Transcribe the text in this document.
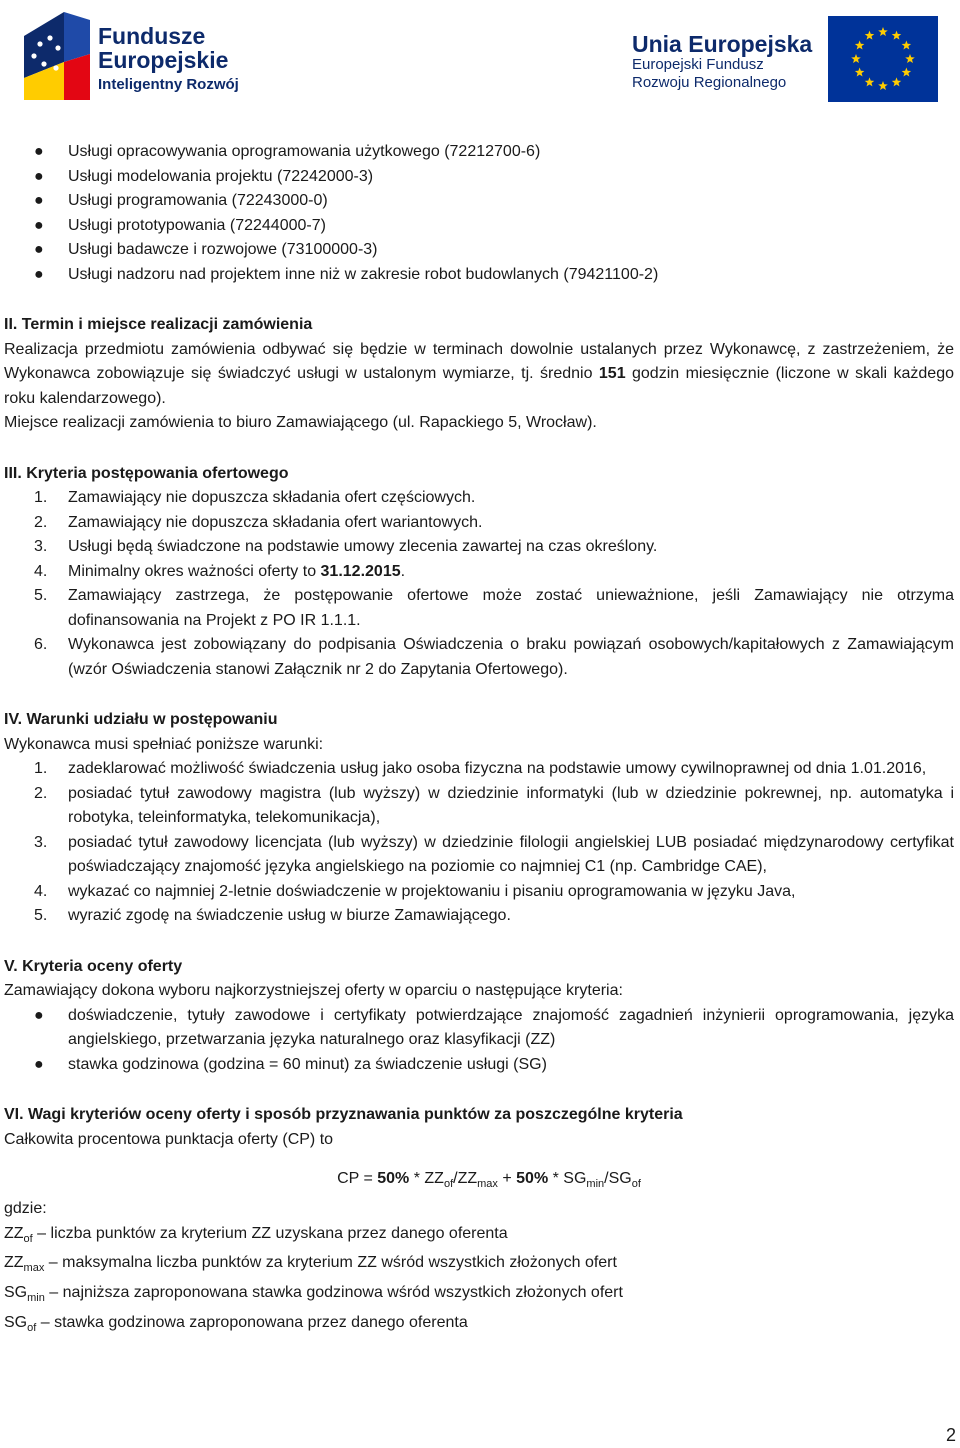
Fundusze
Europejskie
Inteligentny Rozwój
Unia Europejska
Europejski Fundusz
Rozwoju Regionalnego
● Usługi opracowywania oprogramowania użytkowego (72212700-6)
● Usługi modelowania projektu (72242000-3)
● Usługi programowania (72243000-0)
● Usługi prototypowania (72244000-7)
● Usługi badawcze i rozwojowe (73100000-3)
● Usługi nadzoru nad projektem inne niż w zakresie robot budowlanych (79421100-2)
II. Termin i miejsce realizacji zamówienia
Realizacja przedmiotu zamówienia odbywać się będzie w terminach dowolnie ustalanych przez Wykonawcę, z zastrzeżeniem, że Wykonawca zobowiązuje się świadczyć usługi w ustalonym wymiarze, tj. średnio 151 godzin miesięcznie (liczone w skali każdego roku kalendarzowego).
Miejsce realizacji zamówienia to biuro Zamawiającego (ul. Rapackiego 5, Wrocław).
III. Kryteria postępowania ofertowego
1. Zamawiający nie dopuszcza składania ofert częściowych.
2. Zamawiający nie dopuszcza składania ofert wariantowych.
3. Usługi będą świadczone na podstawie umowy zlecenia zawartej na czas określony.
4. Minimalny okres ważności oferty to 31.12.2015.
5. Zamawiający zastrzega, że postępowanie ofertowe może zostać unieważnione, jeśli Zamawiający nie otrzyma dofinansowania na Projekt z PO IR 1.1.1.
6. Wykonawca jest zobowiązany do podpisania Oświadczenia o braku powiązań osobowych/kapitałowych z Zamawiającym (wzór Oświadczenia stanowi Załącznik nr 2 do Zapytania Ofertowego).
IV. Warunki udziału w postępowaniu
Wykonawca musi spełniać poniższe warunki:
1. zadeklarować możliwość świadczenia usług jako osoba fizyczna na podstawie umowy cywilnoprawnej od dnia 1.01.2016,
2. posiadać tytuł zawodowy magistra (lub wyższy) w dziedzinie informatyki (lub w dziedzinie pokrewnej, np. automatyka i robotyka, teleinformatyka, telekomunikacja),
3. posiadać tytuł zawodowy licencjata (lub wyższy) w dziedzinie filologii angielskiej LUB posiadać międzynarodowy certyfikat poświadczający znajomość języka angielskiego na poziomie co najmniej C1 (np. Cambridge CAE),
4. wykazać co najmniej 2-letnie doświadczenie w projektowaniu i pisaniu oprogramowania w języku Java,
5. wyrazić zgodę na świadczenie usług w biurze Zamawiającego.
V. Kryteria oceny oferty
Zamawiający dokona wyboru najkorzystniejszej oferty w oparciu o następujące kryteria:
● doświadczenie, tytuły zawodowe i certyfikaty potwierdzające znajomość zagadnień inżynierii oprogramowania, języka angielskiego, przetwarzania języka naturalnego oraz klasyfikacji (ZZ)
● stawka godzinowa (godzina = 60 minut) za świadczenie usługi (SG)
VI. Wagi kryteriów oceny oferty i sposób przyznawania punktów za poszczególne kryteria
Całkowita procentowa punktacja oferty (CP) to
CP = $50\% * ZZ_{of}/ZZ_{max} + 50\% * SG_{min}/SG_{of}$
gdzie:
$ZZ_{of}$ – liczba punktów za kryterium ZZ uzyskana przez danego oferenta
$ZZ_{max}$ – maksymalna liczba punktów za kryterium ZZ wśród wszystkich złożonych ofert
$SG_{min}$ – najniższa zaproponowana stawka godzinowa wśród wszystkich złożonych ofert
$SG_{of}$ – stawka godzinowa zaproponowana przez danego oferenta
2
